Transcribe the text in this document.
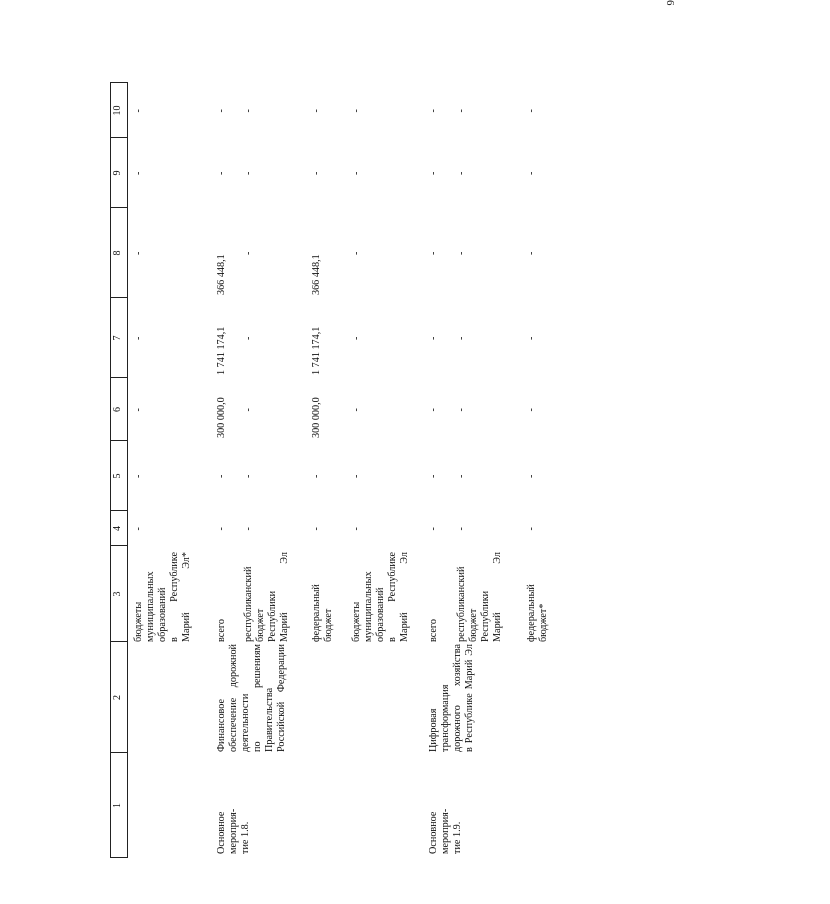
6
1
2
3
4
5
6
7
8
9
10
бюджеты муниципальных образований в Республике Марий Эл*
-
-
-
-
-
-
-
Основное мероприя- тие 1.8.
Финансовое обеспечение дорожной деятельности по решениям Правительства Российской Федерации
всего
-
-
300 000,0
1 741 174,1
366 448,1
-
-
республиканский бюджет Республики Марий Эл
-
-
-
-
-
-
-
федеральный бюджет
-
-
300 000,0
1 741 174,1
366 448,1
-
-
бюджеты муниципальных образований в Республике Марий Эл
-
-
-
-
-
-
-
Основное мероприя- тие 1.9.
Цифровая трансформация дорожного хозяйства в Республике Марий Эл
всего
-
-
-
-
-
-
-
республиканский бюджет Республики Марий Эл
-
-
-
-
-
-
-
федеральный бюджет*
-
-
-
-
-
-
-
